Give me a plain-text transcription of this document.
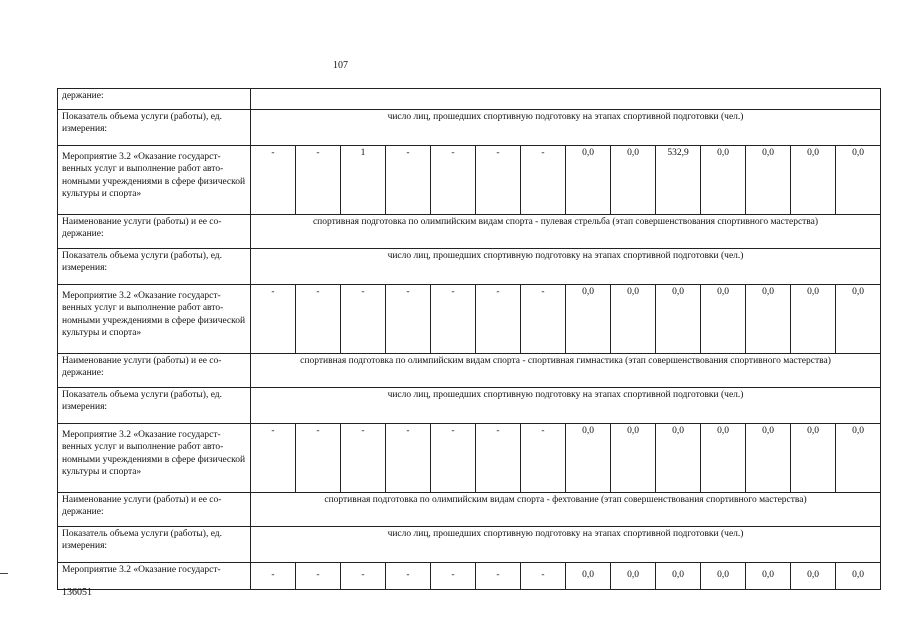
107
держание:														
Показатель объема услуги (работы), ед. измерения:	число лиц, прошедших спортивную подготовку на этапах спортивной подготовки (чел.)													
Мероприятие 3.2 «Оказание государственных услуг и выполнение работ автономными учреждениями в сфере физической культуры и спорта»	-	-	1	-	-	-	-	0,0	0,0	532,9	0,0	0,0	0,0	0,0
Наименование услуги (работы) и ее содержание:	спортивная подготовка по олимпийским видам спорта - пулевая стрельба (этап совершенствования спортивного мастерства)													
Показатель объема услуги (работы), ед. измерения:	число лиц, прошедших спортивную подготовку на этапах спортивной подготовки (чел.)													
Мероприятие 3.2 «Оказание государственных услуг и выполнение работ автономными учреждениями в сфере физической культуры и спорта»	-	-	-	-	-	-	-	0,0	0,0	0,0	0,0	0,0	0,0	0,0
Наименование услуги (работы) и ее содержание:	спортивная подготовка по олимпийским видам спорта - спортивная гимнастика (этап совершенствования спортивного мастерства)													
Показатель объема услуги (работы), ед. измерения:	число лиц, прошедших спортивную подготовку на этапах спортивной подготовки (чел.)													
Мероприятие 3.2 «Оказание государственных услуг и выполнение работ автономными учреждениями в сфере физической культуры и спорта»	-	-	-	-	-	-	-	0,0	0,0	0,0	0,0	0,0	0,0	0,0
Наименование услуги (работы) и ее содержание:	спортивная подготовка по олимпийским видам спорта - фехтование (этап совершенствования спортивного мастерства)													
Показатель объема услуги (работы), ед. измерения:	число лиц, прошедших спортивную подготовку на этапах спортивной подготовки (чел.)													
Мероприятие 3.2 «Оказание государст-	-	-	-	-	-	-	-	0,0	0,0	0,0	0,0	0,0	0,0	0,0
136051
